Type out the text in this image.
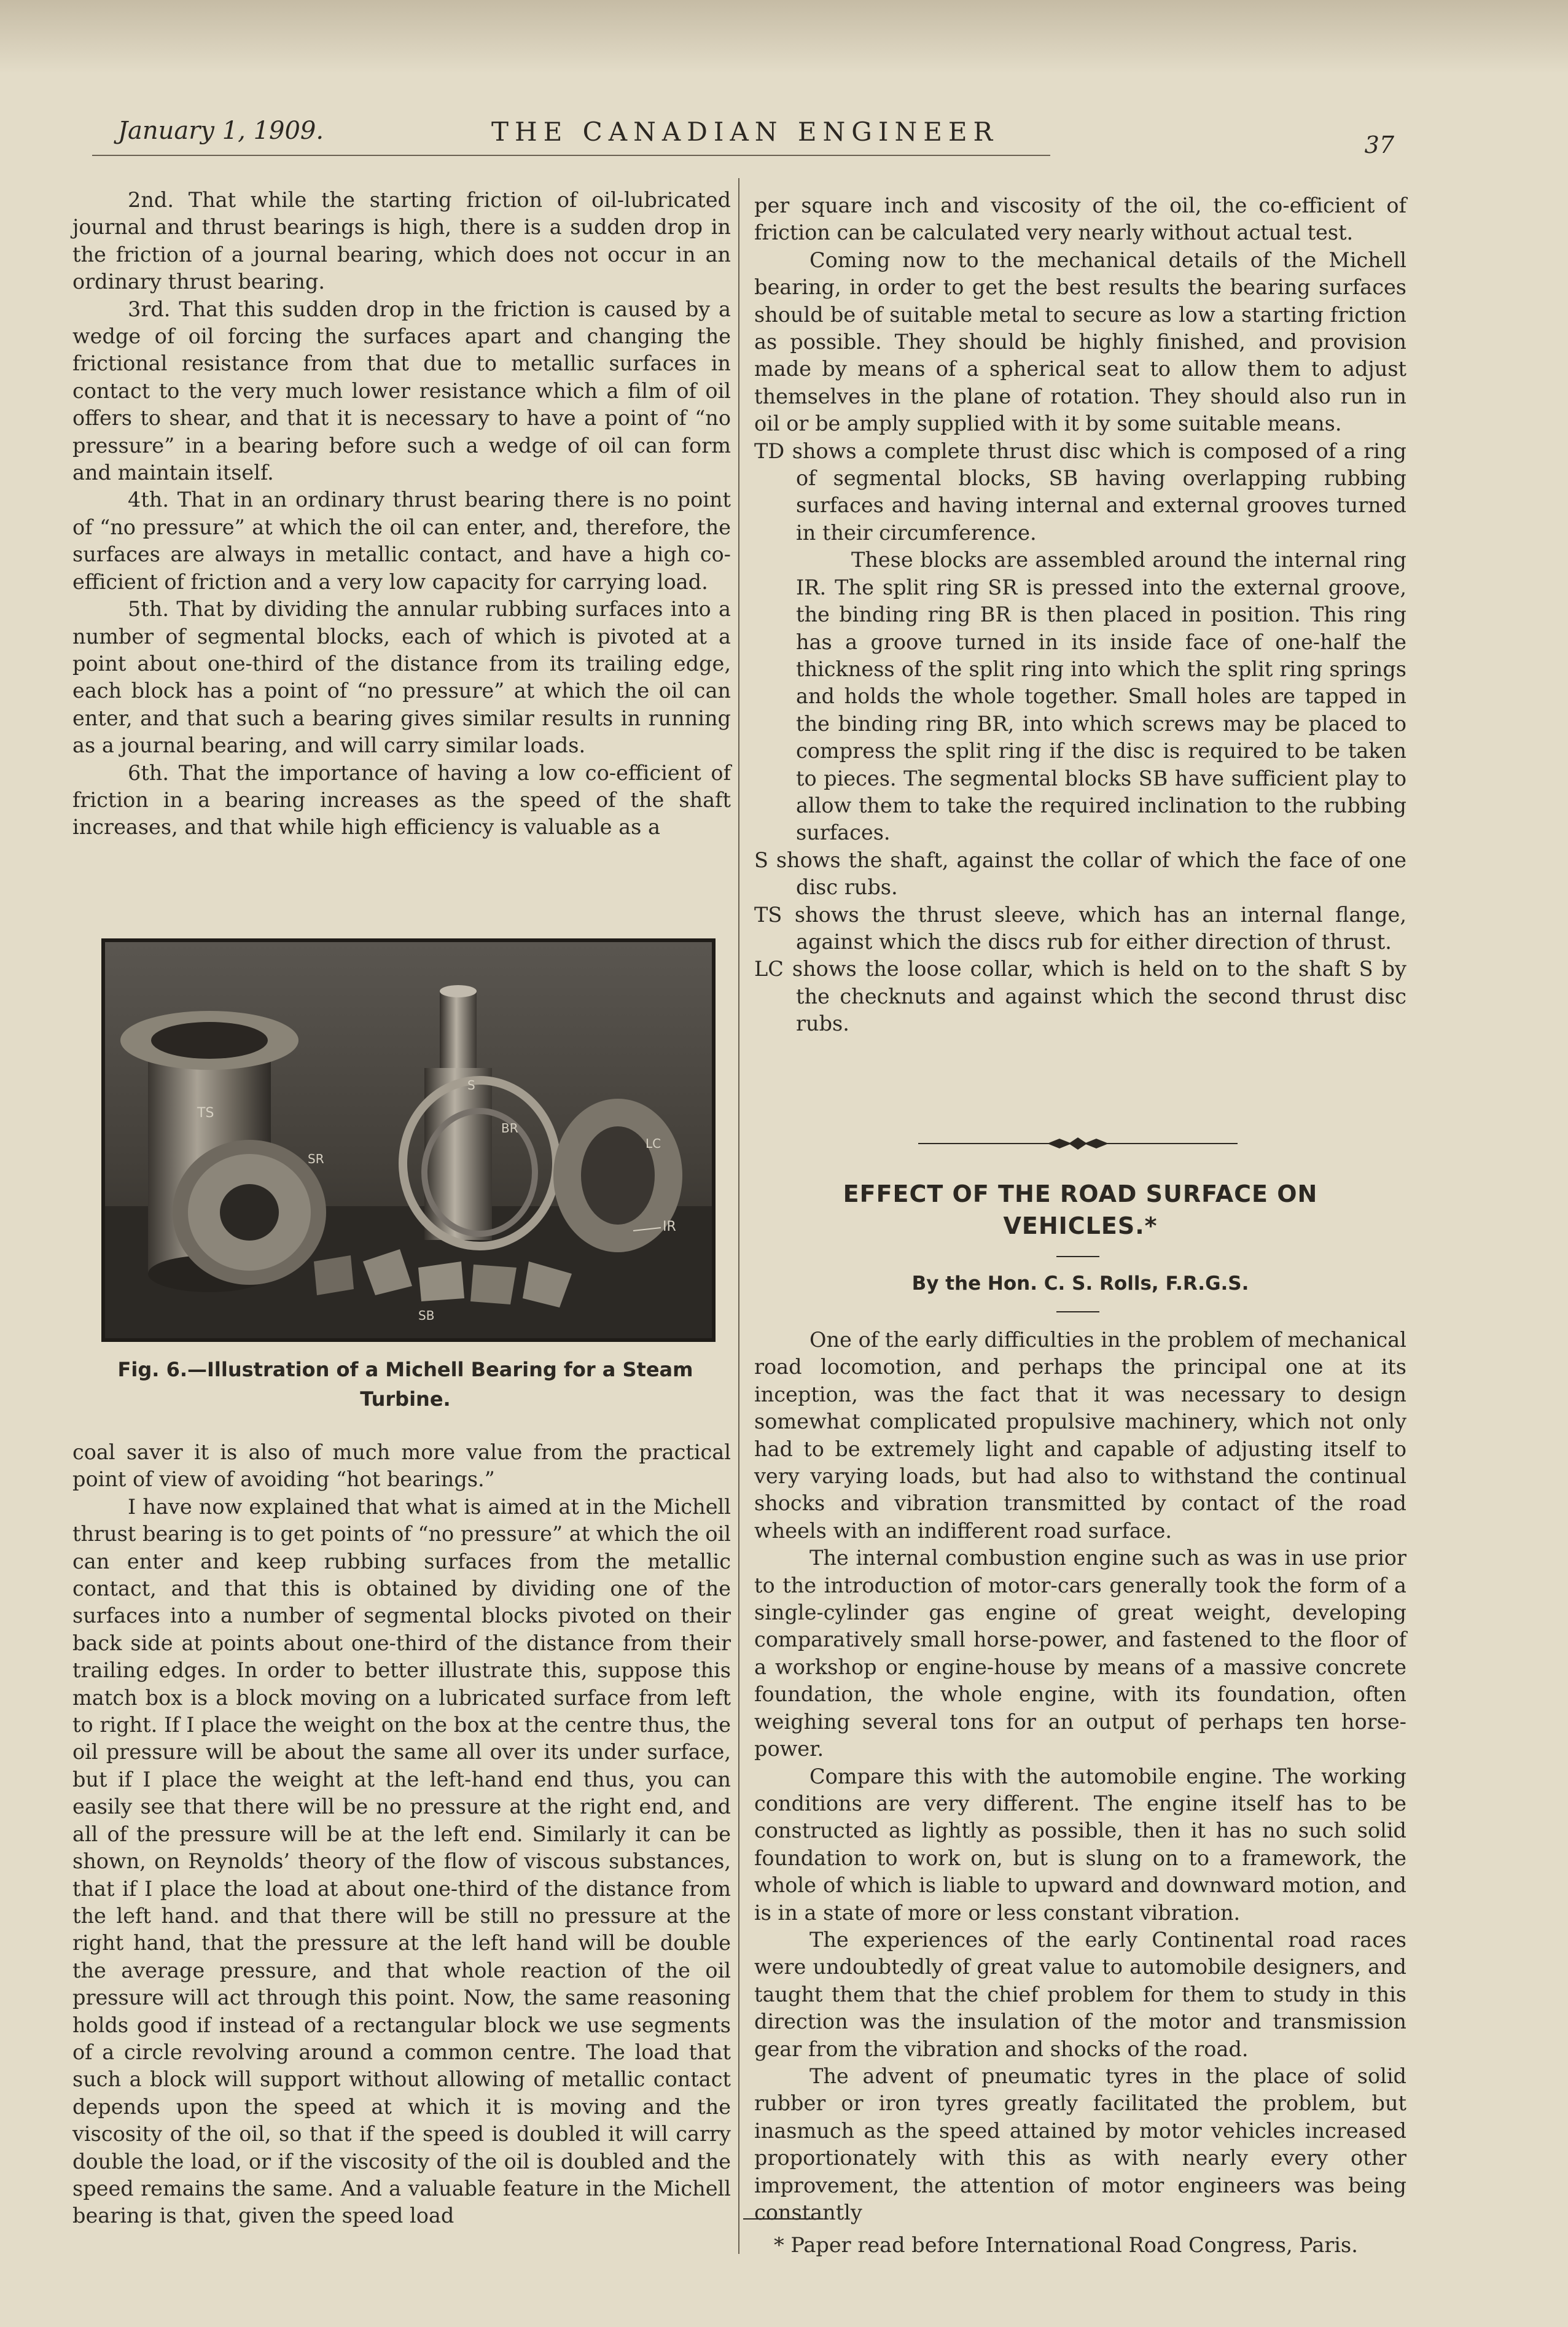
January 1, 1909.	THE CANADIAN ENGINEER	37

2nd. That while the starting friction of oil-lubricated journal and thrust bearings is high, there is a sudden drop in the friction of a journal bearing, which does not occur in an ordinary thrust bearing.

3rd. That this sudden drop in the friction is caused by a wedge of oil forcing the surfaces apart and changing the frictional resistance from that due to metallic surfaces in contact to the very much lower resistance which a film of oil offers to shear, and that it is necessary to have a point of “no pressure” in a bearing before such a wedge of oil can form and maintain itself.

4th. That in an ordinary thrust bearing there is no point of “no pressure” at which the oil can enter, and, therefore, the surfaces are always in metallic contact, and have a high co-efficient of friction and a very low capacity for carrying load.

5th. That by dividing the annular rubbing surfaces into a number of segmental blocks, each of which is pivoted at a point about one-third of the distance from its trailing edge, each block has a point of “no pressure” at which the oil can enter, and that such a bearing gives similar results in running as a journal bearing, and will carry similar loads.

6th. That the importance of having a low co-efficient of friction in a bearing increases as the speed of the shaft increases, and that while high efficiency is valuable as a

TS
S
BR
SR
LC
IR
SB
Fig. 6.—Illustration of a Michell Bearing for a Steam
Turbine.

coal saver it is also of much more value from the practical point of view of avoiding “hot bearings.”

I have now explained that what is aimed at in the Michell thrust bearing is to get points of “no pressure” at which the oil can enter and keep rubbing surfaces from the metallic contact, and that this is obtained by dividing one of the surfaces into a number of segmental blocks pivoted on their back side at points about one-third of the distance from their trailing edges. In order to better illustrate this, suppose this match box is a block moving on a lubricated surface from left to right. If I place the weight on the box at the centre thus, the oil pressure will be about the same all over its under surface, but if I place the weight at the left-hand end thus, you can easily see that there will be no pressure at the right end, and all of the pressure will be at the left end. Similarly it can be shown, on Reynolds’ theory of the flow of viscous substances, that if I place the load at about one-third of the distance from the left hand. and that there will be still no pressure at the right hand, that the pressure at the left hand will be double the average pressure, and that whole reaction of the oil pressure will act through this point. Now, the same reasoning holds good if instead of a rectangular block we use segments of a circle revolving around a common centre. The load that such a block will support without allowing of metallic contact depends upon the speed at which it is moving and the viscosity of the oil, so that if the speed is doubled it will carry double the load, or if the viscosity of the oil is doubled and the speed remains the same. And a valuable feature in the Michell bearing is that, given the speed load

per square inch and viscosity of the oil, the co-efficient of friction can be calculated very nearly without actual test.

Coming now to the mechanical details of the Michell bearing, in order to get the best results the bearing surfaces should be of suitable metal to secure as low a starting friction as possible. They should be highly finished, and provision made by means of a spherical seat to allow them to adjust themselves in the plane of rotation. They should also run in oil or be amply supplied with it by some suitable means.

TD shows a complete thrust disc which is composed of a ring of segmental blocks, SB having overlapping rubbing surfaces and having internal and external grooves turned in their circumference.

These blocks are assembled around the internal ring IR. The split ring SR is pressed into the external groove, the binding ring BR is then placed in position. This ring has a groove turned in its inside face of one-half the thickness of the split ring into which the split ring springs and holds the whole together. Small holes are tapped in the binding ring BR, into which screws may be placed to compress the split ring if the disc is required to be taken to pieces. The segmental blocks SB have sufficient play to allow them to take the required inclination to the rubbing surfaces.

S shows the shaft, against the collar of which the face of one disc rubs.

TS shows the thrust sleeve, which has an internal flange, against which the discs rub for either direction of thrust.

LC shows the loose collar, which is held on to the shaft S by the checknuts and against which the second thrust disc rubs.

EFFECT OF THE ROAD SURFACE ON
VEHICLES.*
By the Hon. C. S. Rolls, F.R.G.S.

One of the early difficulties in the problem of mechanical road locomotion, and perhaps the principal one at its inception, was the fact that it was necessary to design somewhat complicated propulsive machinery, which not only had to be extremely light and capable of adjusting itself to very varying loads, but had also to withstand the continual shocks and vibration transmitted by contact of the road wheels with an indifferent road surface.

The internal combustion engine such as was in use prior to the introduction of motor-cars generally took the form of a single-cylinder gas engine of great weight, developing comparatively small horse-power, and fastened to the floor of a workshop or engine-house by means of a massive concrete foundation, the whole engine, with its foundation, often weighing several tons for an output of perhaps ten horse-power.

Compare this with the automobile engine. The working conditions are very different. The engine itself has to be constructed as lightly as possible, then it has no such solid foundation to work on, but is slung on to a framework, the whole of which is liable to upward and downward motion, and is in a state of more or less constant vibration.

The experiences of the early Continental road races were undoubtedly of great value to automobile designers, and taught them that the chief problem for them to study in this direction was the insulation of the motor and transmission gear from the vibration and shocks of the road.

The advent of pneumatic tyres in the place of solid rubber or iron tyres greatly facilitated the problem, but inasmuch as the speed attained by motor vehicles increased proportionately with this as with nearly every other improvement, the attention of motor engineers was being constantly

* Paper read before International Road Congress, Paris.
